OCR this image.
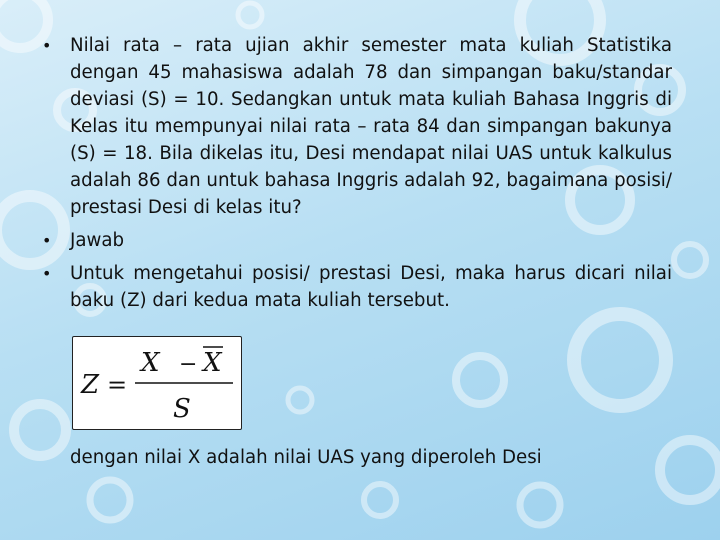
•	Nilai rata – rata ujian akhir semester mata kuliah Statistika dengan 45 mahasiswa adalah 78 dan simpangan baku/standar deviasi (S) = 10. Sedangkan untuk mata kuliah Bahasa Inggris di Kelas itu mempunyai nilai rata – rata 84 dan simpangan bakunya (S) = 18. Bila dikelas itu, Desi mendapat nilai UAS untuk kalkulus adalah 86 dan untuk bahasa Inggris adalah 92, bagaimana posisi/ prestasi Desi di kelas itu?
•	Jawab
•	Untuk mengetahui posisi/ prestasi Desi, maka harus dicari nilai baku (Z) dari kedua mata kuliah tersebut.
Z =
X − X
S
dengan nilai X adalah nilai UAS yang diperoleh Desi
